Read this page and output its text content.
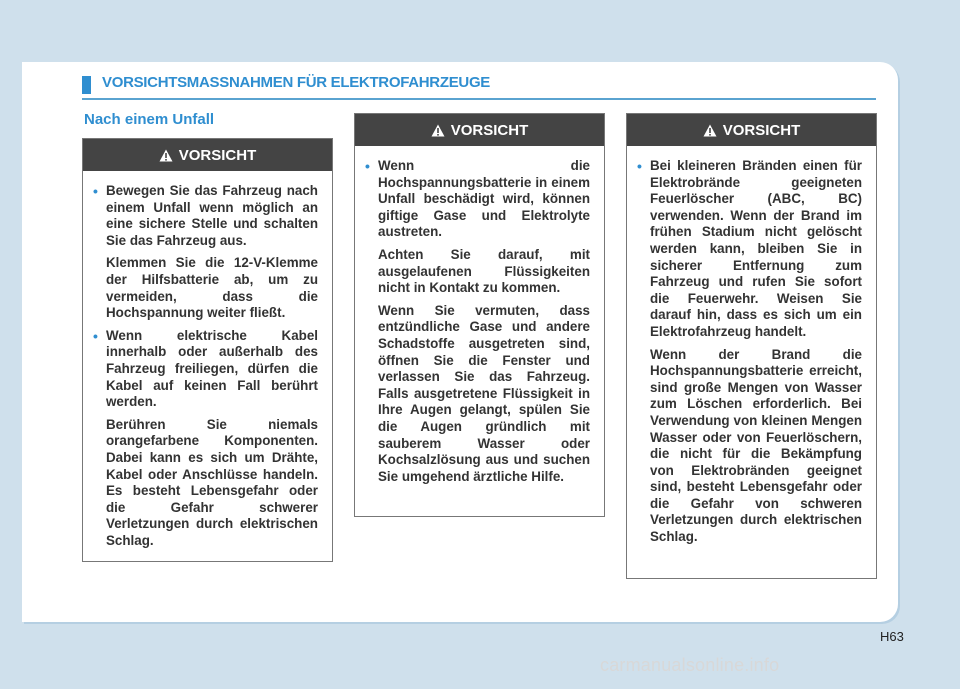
VORSICHTSMASSNAHMEN FÜR ELEKTROFAHRZEUGE
Nach einem Unfall
VORSICHT

• Bewegen Sie das Fahrzeug nach einem Unfall wenn möglich an eine sichere Stelle und schalten Sie das Fahrzeug aus.

Klemmen Sie die 12-V-Klemme der Hilfsbatterie ab, um zu vermeiden, dass die Hochspannung weiter fließt.

• Wenn elektrische Kabel innerhalb oder außerhalb des Fahrzeug freiliegen, dürfen die Kabel auf keinen Fall berührt werden.

Berühren Sie niemals orangefarbene Komponenten. Dabei kann es sich um Drähte, Kabel oder Anschlüsse handeln. Es besteht Lebensgefahr oder die Gefahr schwerer Verletzungen durch elektrischen Schlag.

VORSICHT

• Wenn die Hochspannungsbatterie in einem Unfall beschädigt wird, können giftige Gase und Elektrolyte austreten.

Achten Sie darauf, mit ausgelaufenen Flüssigkeiten nicht in Kontakt zu kommen.

Wenn Sie vermuten, dass entzündliche Gase und andere Schadstoffe ausgetreten sind, öffnen Sie die Fenster und verlassen Sie das Fahrzeug. Falls ausgetretene Flüssigkeit in Ihre Augen gelangt, spülen Sie die Augen gründlich mit sauberem Wasser oder Kochsalzlösung aus und suchen Sie umgehend ärztliche Hilfe.

VORSICHT

• Bei kleineren Bränden einen für Elektrobrände geeigneten Feuerlöscher (ABC, BC) verwenden. Wenn der Brand im frühen Stadium nicht gelöscht werden kann, bleiben Sie in sicherer Entfernung zum Fahrzeug und rufen Sie sofort die Feuerwehr. Weisen Sie darauf hin, dass es sich um ein Elektrofahrzeug handelt.

Wenn der Brand die Hochspannungsbatterie erreicht, sind große Mengen von Wasser zum Löschen erforderlich. Bei Verwendung von kleinen Mengen Wasser oder von Feuerlöschern, die nicht für die Bekämpfung von Elektrobränden geeignet sind, besteht Lebensgefahr oder die Gefahr von schweren Verletzungen durch elektrischen Schlag.

H63
carmanualsonline.info
